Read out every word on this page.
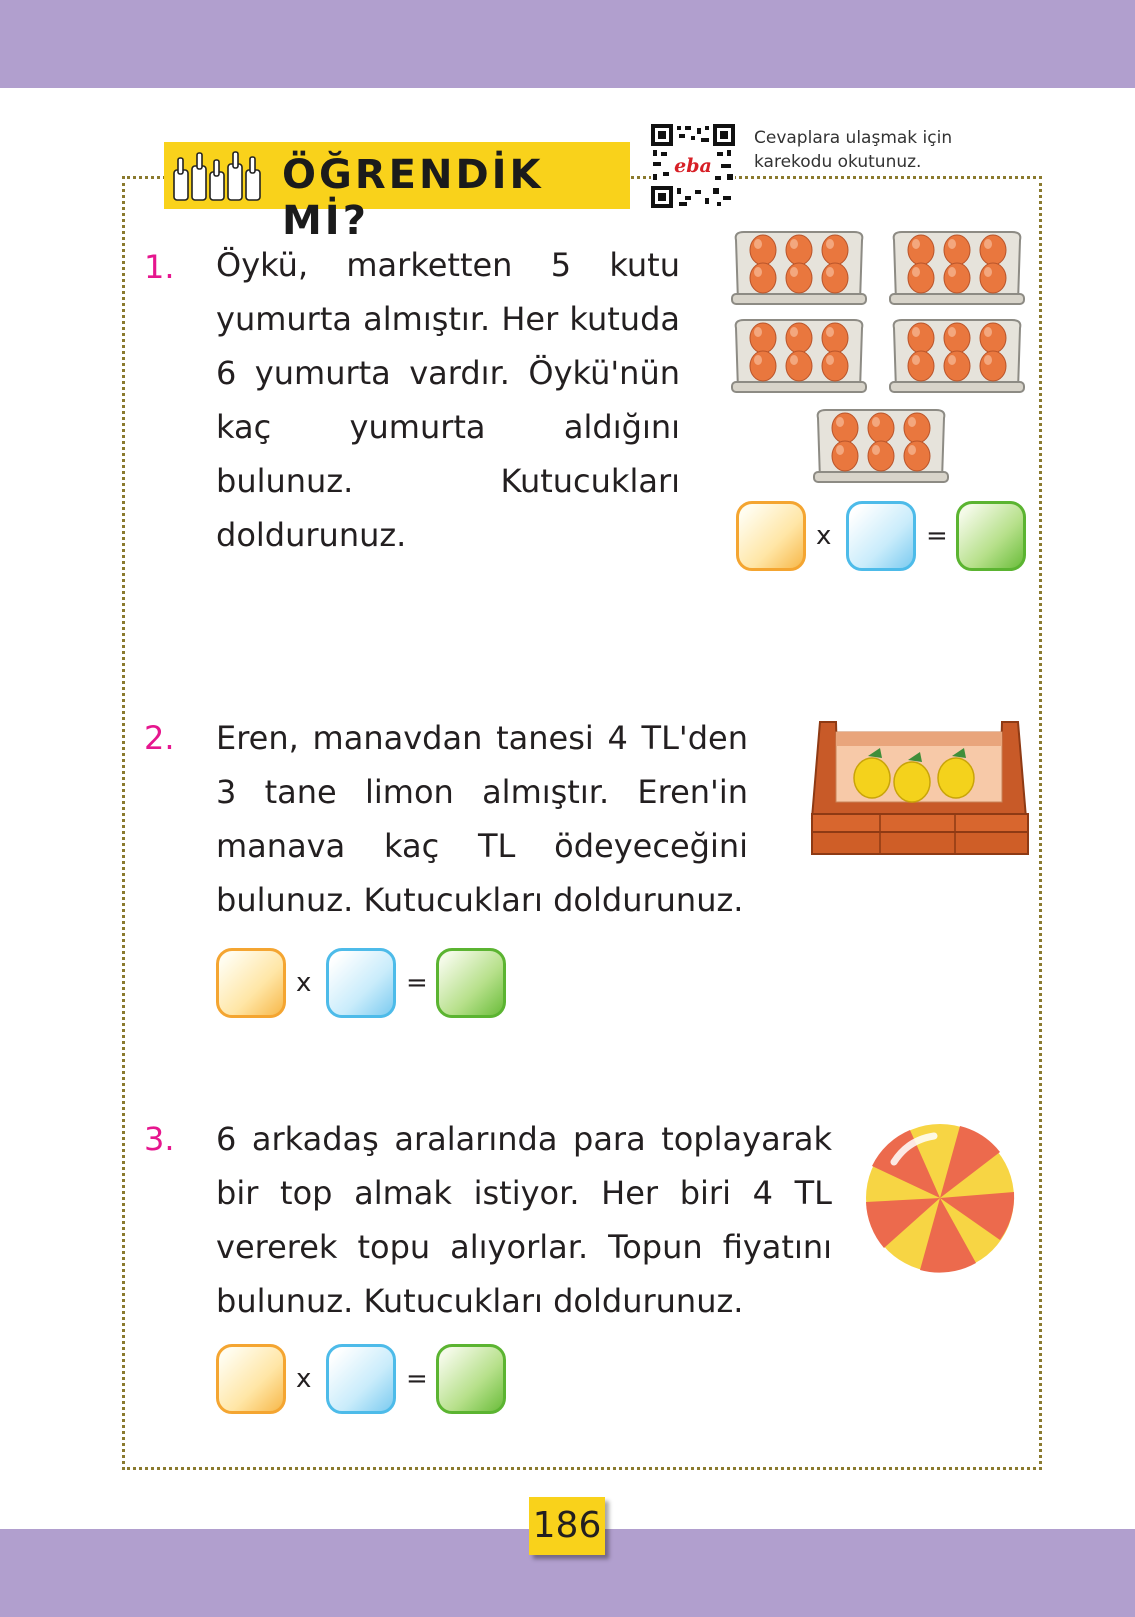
ÖĞRENDİK Mİ?
eba
Cevaplara ulaşmak için
karekodu okutunuz.
1. Öykü, marketten 5 kutu yumurta almıştır. Her kutuda 6 yumurta vardır. Öykü'nün kaç yumurta aldığını bulunuz. Kutucukları doldurunuz.	x	=
2. Eren, manavdan tanesi 4 TL'den 3 tane limon almıştır. Eren'in manava kaç TL ödeyeceğini bulunuz. Kutucukları doldurunuz.
x	=
3. 6 arkadaş aralarında para toplayarak bir top almak istiyor. Her biri 4 TL vererek topu alıyorlar. Topun fiyatını bulunuz. Kutucukları doldurunuz.
x	=
186
